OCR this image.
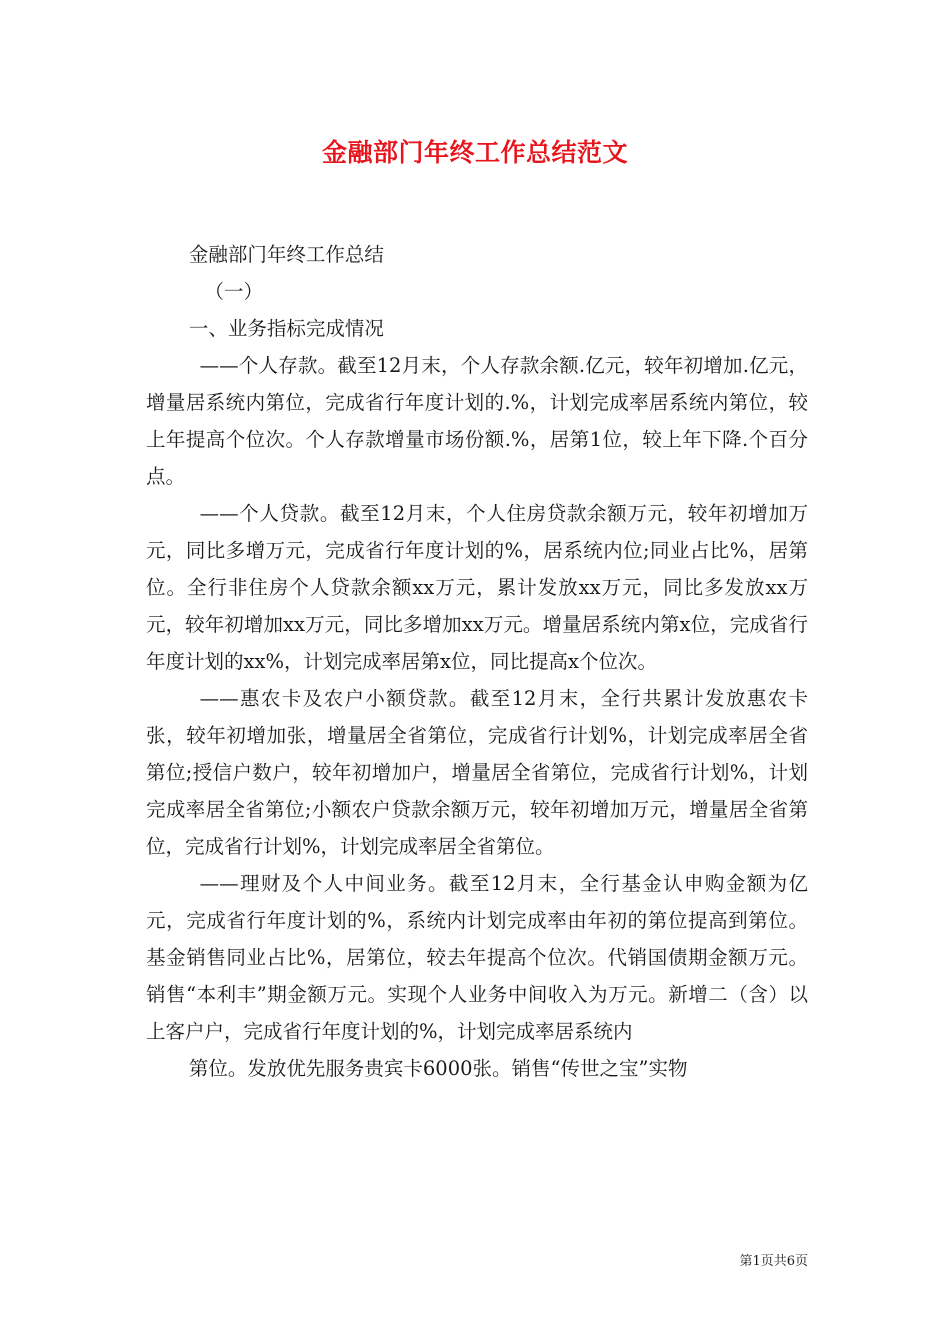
金融部门年终工作总结范文

金融部门年终工作总结

（一）

一、业务指标完成情况

——个人存款。截至12月末，个人存款余额.亿元，较年初增加.亿元，增量居系统内第位，完成省行年度计划的.%，计划完成率居系统内第位，较上年提高个位次。个人存款增量市场份额.%，居第1位，较上年下降.个百分点。

——个人贷款。截至12月末，个人住房贷款余额万元，较年初增加万元，同比多增万元，完成省行年度计划的%，居系统内位;同业占比%，居第位。全行非住房个人贷款余额xx万元，累计发放xx万元，同比多发放xx万元，较年初增加xx万元，同比多增加xx万元。增量居系统内第x位，完成省行年度计划的xx%，计划完成率居第x位，同比提高x个位次。

——惠农卡及农户小额贷款。截至12月末，全行共累计发放惠农卡张，较年初增加张，增量居全省第位，完成省行计划%，计划完成率居全省第位;授信户数户，较年初增加户，增量居全省第位，完成省行计划%，计划完成率居全省第位;小额农户贷款余额万元，较年初增加万元，增量居全省第位，完成省行计划%，计划完成率居全省第位。

——理财及个人中间业务。截至12月末，全行基金认申购金额为亿元，完成省行年度计划的%，系统内计划完成率由年初的第位提高到第位。基金销售同业占比%，居第位，较去年提高个位次。代销国债期金额万元。销售“本利丰”期金额万元。实现个人业务中间收入为万元。新增二（含）以上客户户，完成省行年度计划的%，计划完成率居系统内

第位。发放优先服务贵宾卡6000张。销售“传世之宝”实物

第1页共6页
